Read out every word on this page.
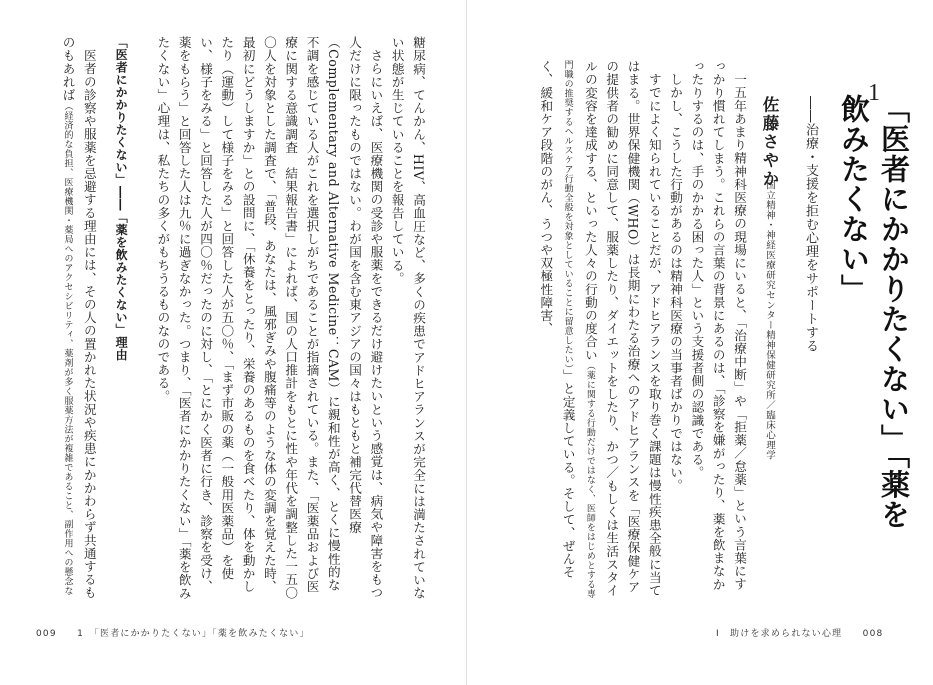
1
「医者にかかりたくない」「薬を飲みたくない」
――治療・支援を拒む心理をサポートする
佐藤さやか
国立精神・神経医療研究センター精神保健研究所／臨床心理学

一五年あまり精神科医療の現場にいると、「治療中断」や「拒薬／怠薬」という言葉にすっかり慣れてしまう。これらの言葉の背景にあるのは、「診察を嫌がったり、薬を飲まなかったりするのは、手のかかる困った人」という支援者側の認識である。

しかし、こうした行動があるのは精神科医療の当事者ばかりではない。

すでによく知られていることだが、アドヒアランスを取り巻く課題は慢性疾患全般に当てはまる。世界保健機関（WHO）は長期にわたる治療へのアドヒアランスを「医療保健ケアの提供者の勧めに同意して、服薬したり、ダイエットをしたり、かつ／もしくは生活スタイルの変容を達成する、といった人々の行動の度合い（薬に関する行動だけではなく、医師をはじめとする専門職の推奨するヘルスケア行動全般を対象としていることに留意したい）」と定義している。そして、ぜんそく、緩和ケア段階のがん、うつや双極性障害、

Ⅰ　助けを求められない心理　　008

糖尿病、てんかん、HIV、高血圧など、多くの疾患でアドヒアランスが完全には満たされていない状態が生じていることを報告している。

さらにいえば、医療機関の受診や服薬をできるだけ避けたいという感覚は、病気や障害をもつ人だけに限ったものではない。わが国を含む東アジアの国々はもともと補完代替医療（Complementary and Alternative Medicine：CAM）に親和性が高く、とくに慢性的な不調を感じている人がこれを選択しがちであることが指摘されている。また、「医薬品および医療に関する意識調査　結果報告書」によれば、国の人口推計をもとに性や年代を調整した一五〇〇人を対象とした調査で、「普段、あなたは、風邪ぎみや腹痛等のような体の変調を覚えた時、最初にどうしますか」との設問に、「休養をとったり、栄養のあるものを食べたり、体を動かしたり（運動）して様子をみる」と回答した人が五〇％、「まず市販の薬（一般用医薬品）を使い、様子をみる」と回答した人が四〇％だったのに対し、「とにかく医者に行き、診察を受け、薬をもらう」と回答した人は九％に過ぎなかった。つまり、「医者にかかりたくない」「薬を飲みたくない」心理は、私たちの多くがもちうるものなのである。

「医者にかかりたくない」――「薬を飲みたくない」理由

医者の診察や服薬を忌避する理由には、その人の置かれた状況や疾患にかかわらず共通するものもあれば（経済的な負担、医療機関・薬局へのアクセシビリティ、薬剤が多く服薬方法が複雑であること、副作用への懸念な

009　　1　「医者にかかりたくない」「薬を飲みたくない」
